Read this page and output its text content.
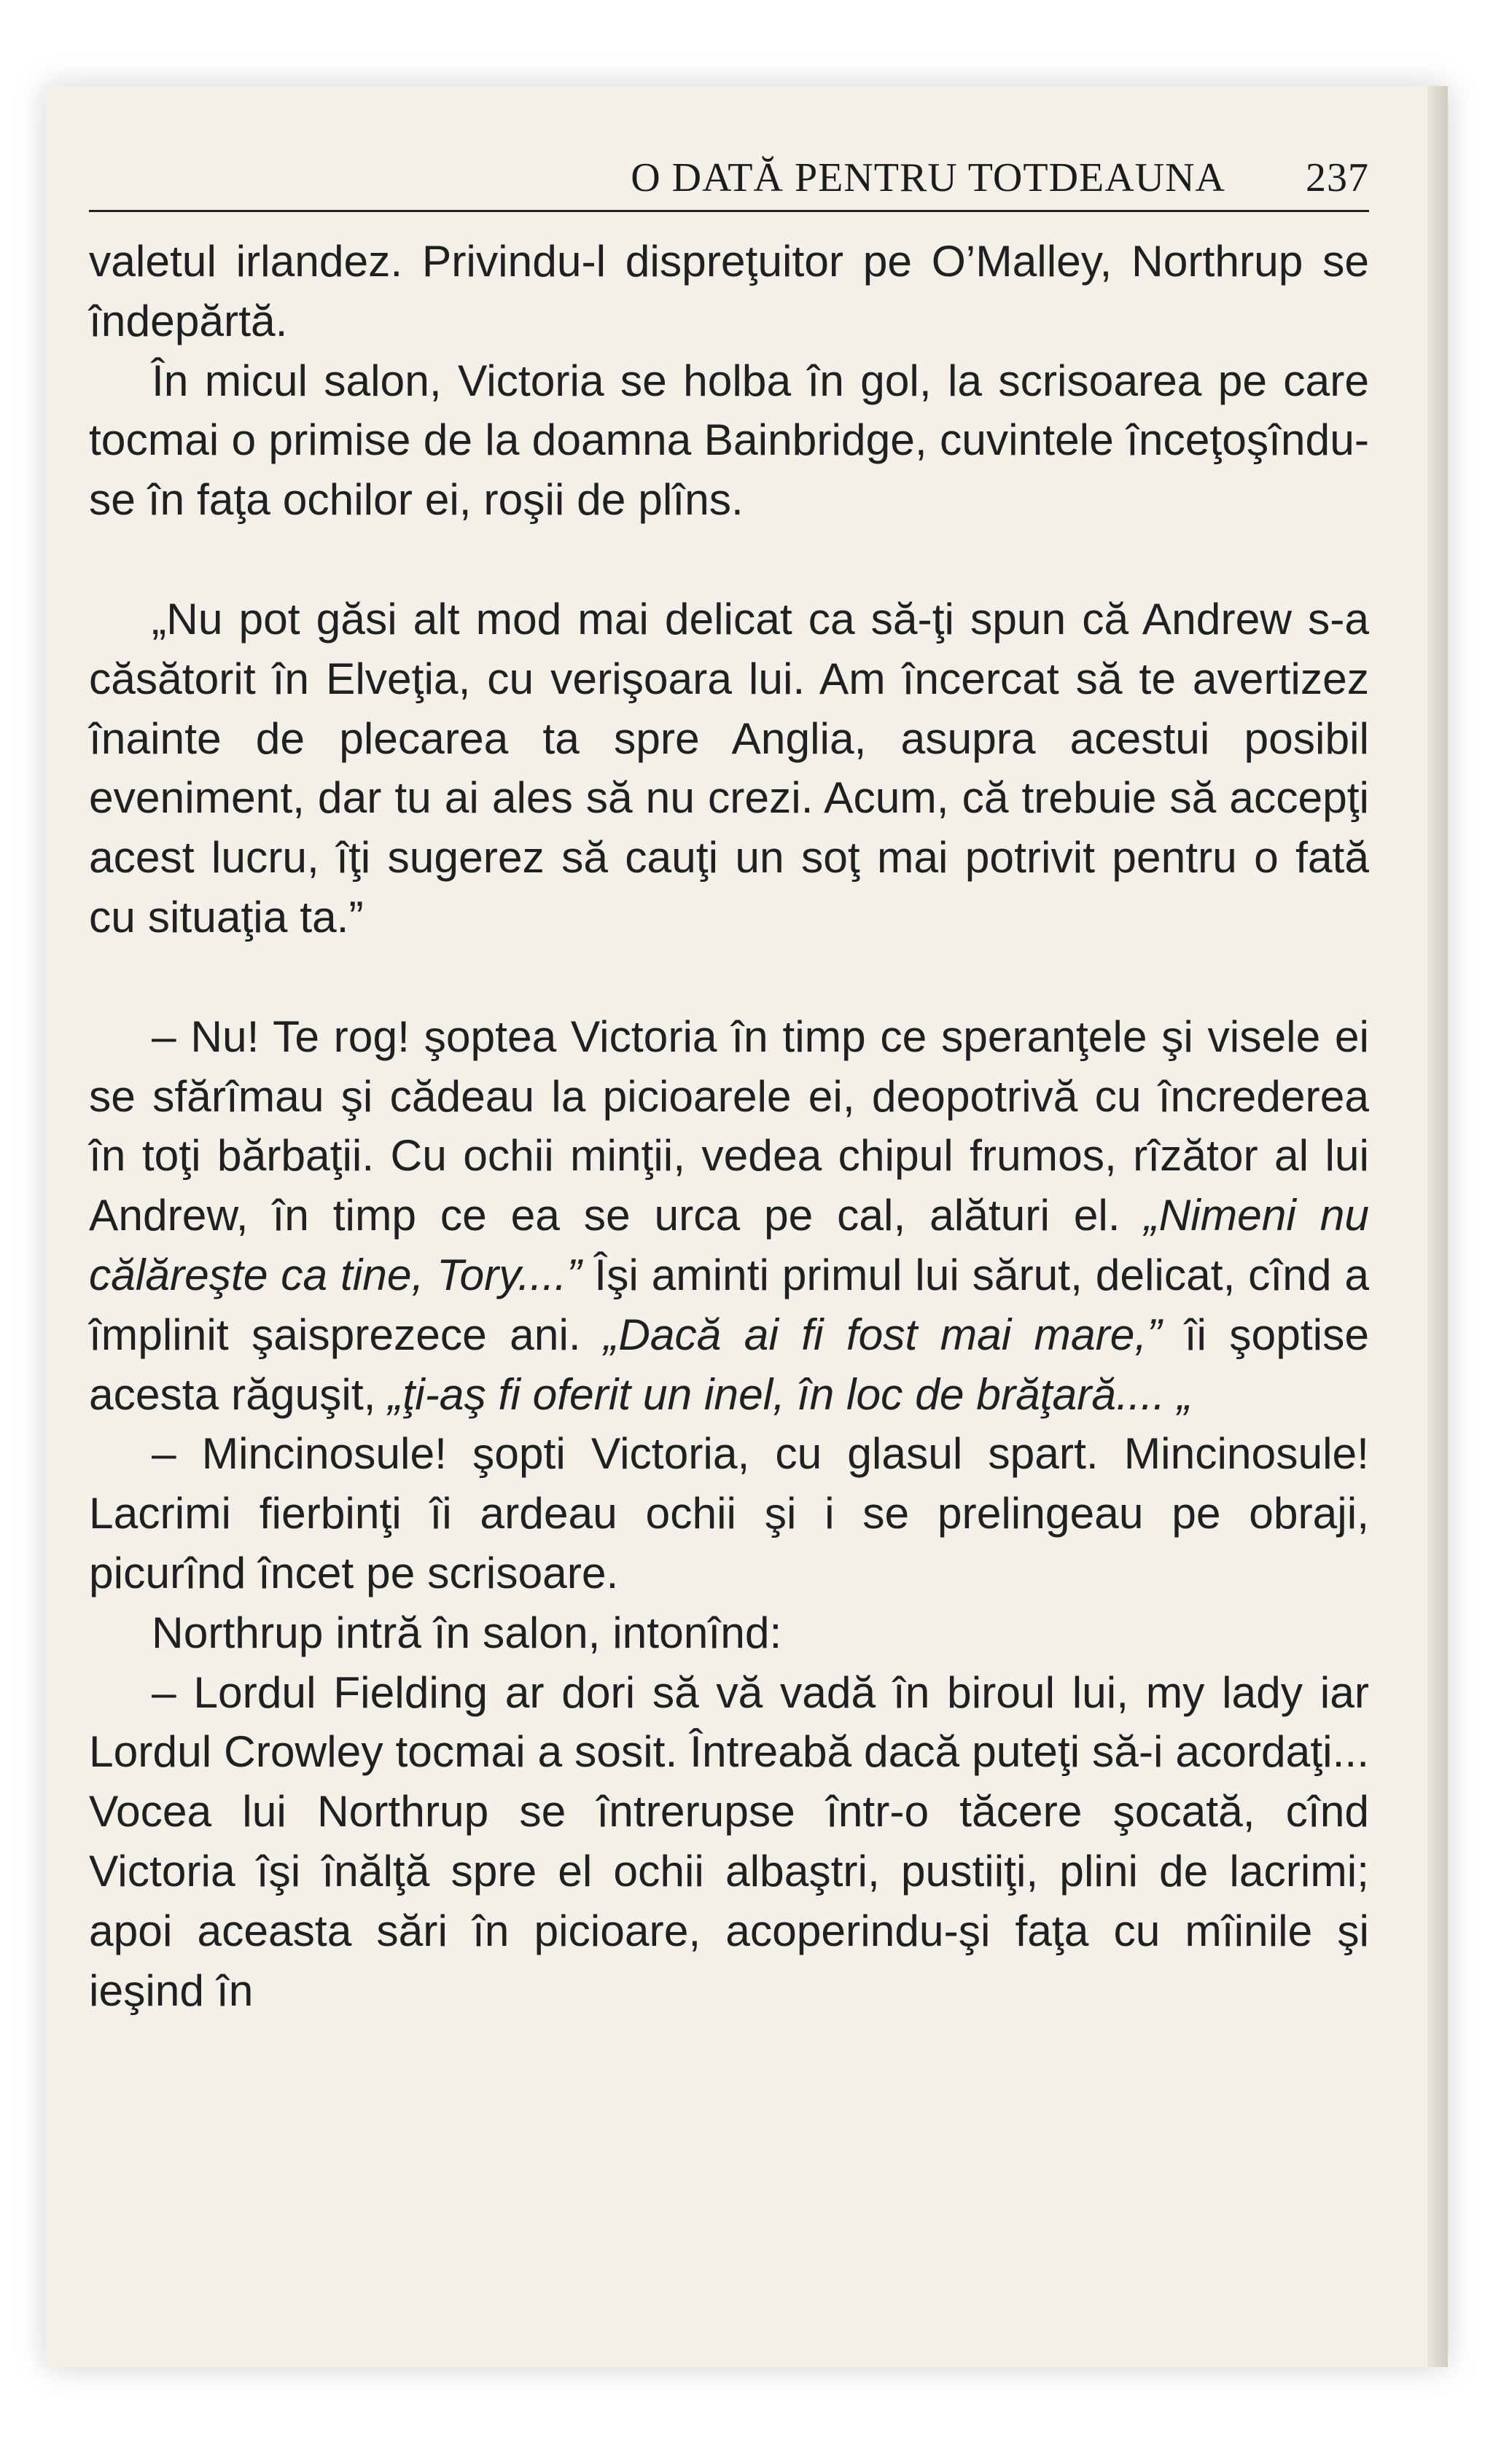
O DATĂ PENTRU TOTDEAUNA 237

valetul irlandez. Privindu-l dispreţuitor pe O’Malley, Northrup se îndepărtă.

În micul salon, Victoria se holba în gol, la scrisoarea pe care tocmai o primise de la doamna Bainbridge, cuvintele înceţoşîndu-se în faţa ochilor ei, roşii de plîns.

„Nu pot găsi alt mod mai delicat ca să-ţi spun că Andrew s-a căsătorit în Elveţia, cu verişoara lui. Am încercat să te avertizez înainte de plecarea ta spre Anglia, asupra acestui posibil eveniment, dar tu ai ales să nu crezi. Acum, că trebuie să accepţi acest lucru, îţi sugerez să cauţi un soţ mai potrivit pentru o fată cu situaţia ta.”

– Nu! Te rog! şoptea Victoria în timp ce speranţele şi visele ei se sfărîmau şi cădeau la picioarele ei, deopotrivă cu încrederea în toţi bărbaţii. Cu ochii minţii, vedea chipul frumos, rîzător al lui Andrew, în timp ce ea se urca pe cal, alături el. „Nimeni nu călăreşte ca tine, Tory....” Îşi aminti primul lui sărut, delicat, cînd a împlinit şaisprezece ani. „Dacă ai fi fost mai mare,” îi şoptise acesta răguşit, „ţi-aş fi oferit un inel, în loc de brăţară.... „

– Mincinosule! şopti Victoria, cu glasul spart. Mincinosule! Lacrimi fierbinţi îi ardeau ochii şi i se prelingeau pe obraji, picurînd încet pe scrisoare.

Northrup intră în salon, intonînd:

– Lordul Fielding ar dori să vă vadă în biroul lui, my lady iar Lordul Crowley tocmai a sosit. Întreabă dacă puteţi să-i acordaţi... Vocea lui Northrup se întrerupse într-o tăcere şocată, cînd Victoria îşi înălţă spre el ochii albaştri, pustiiţi, plini de lacrimi; apoi aceasta sări în picioare, acoperindu-şi faţa cu mîinile şi ieşind în
